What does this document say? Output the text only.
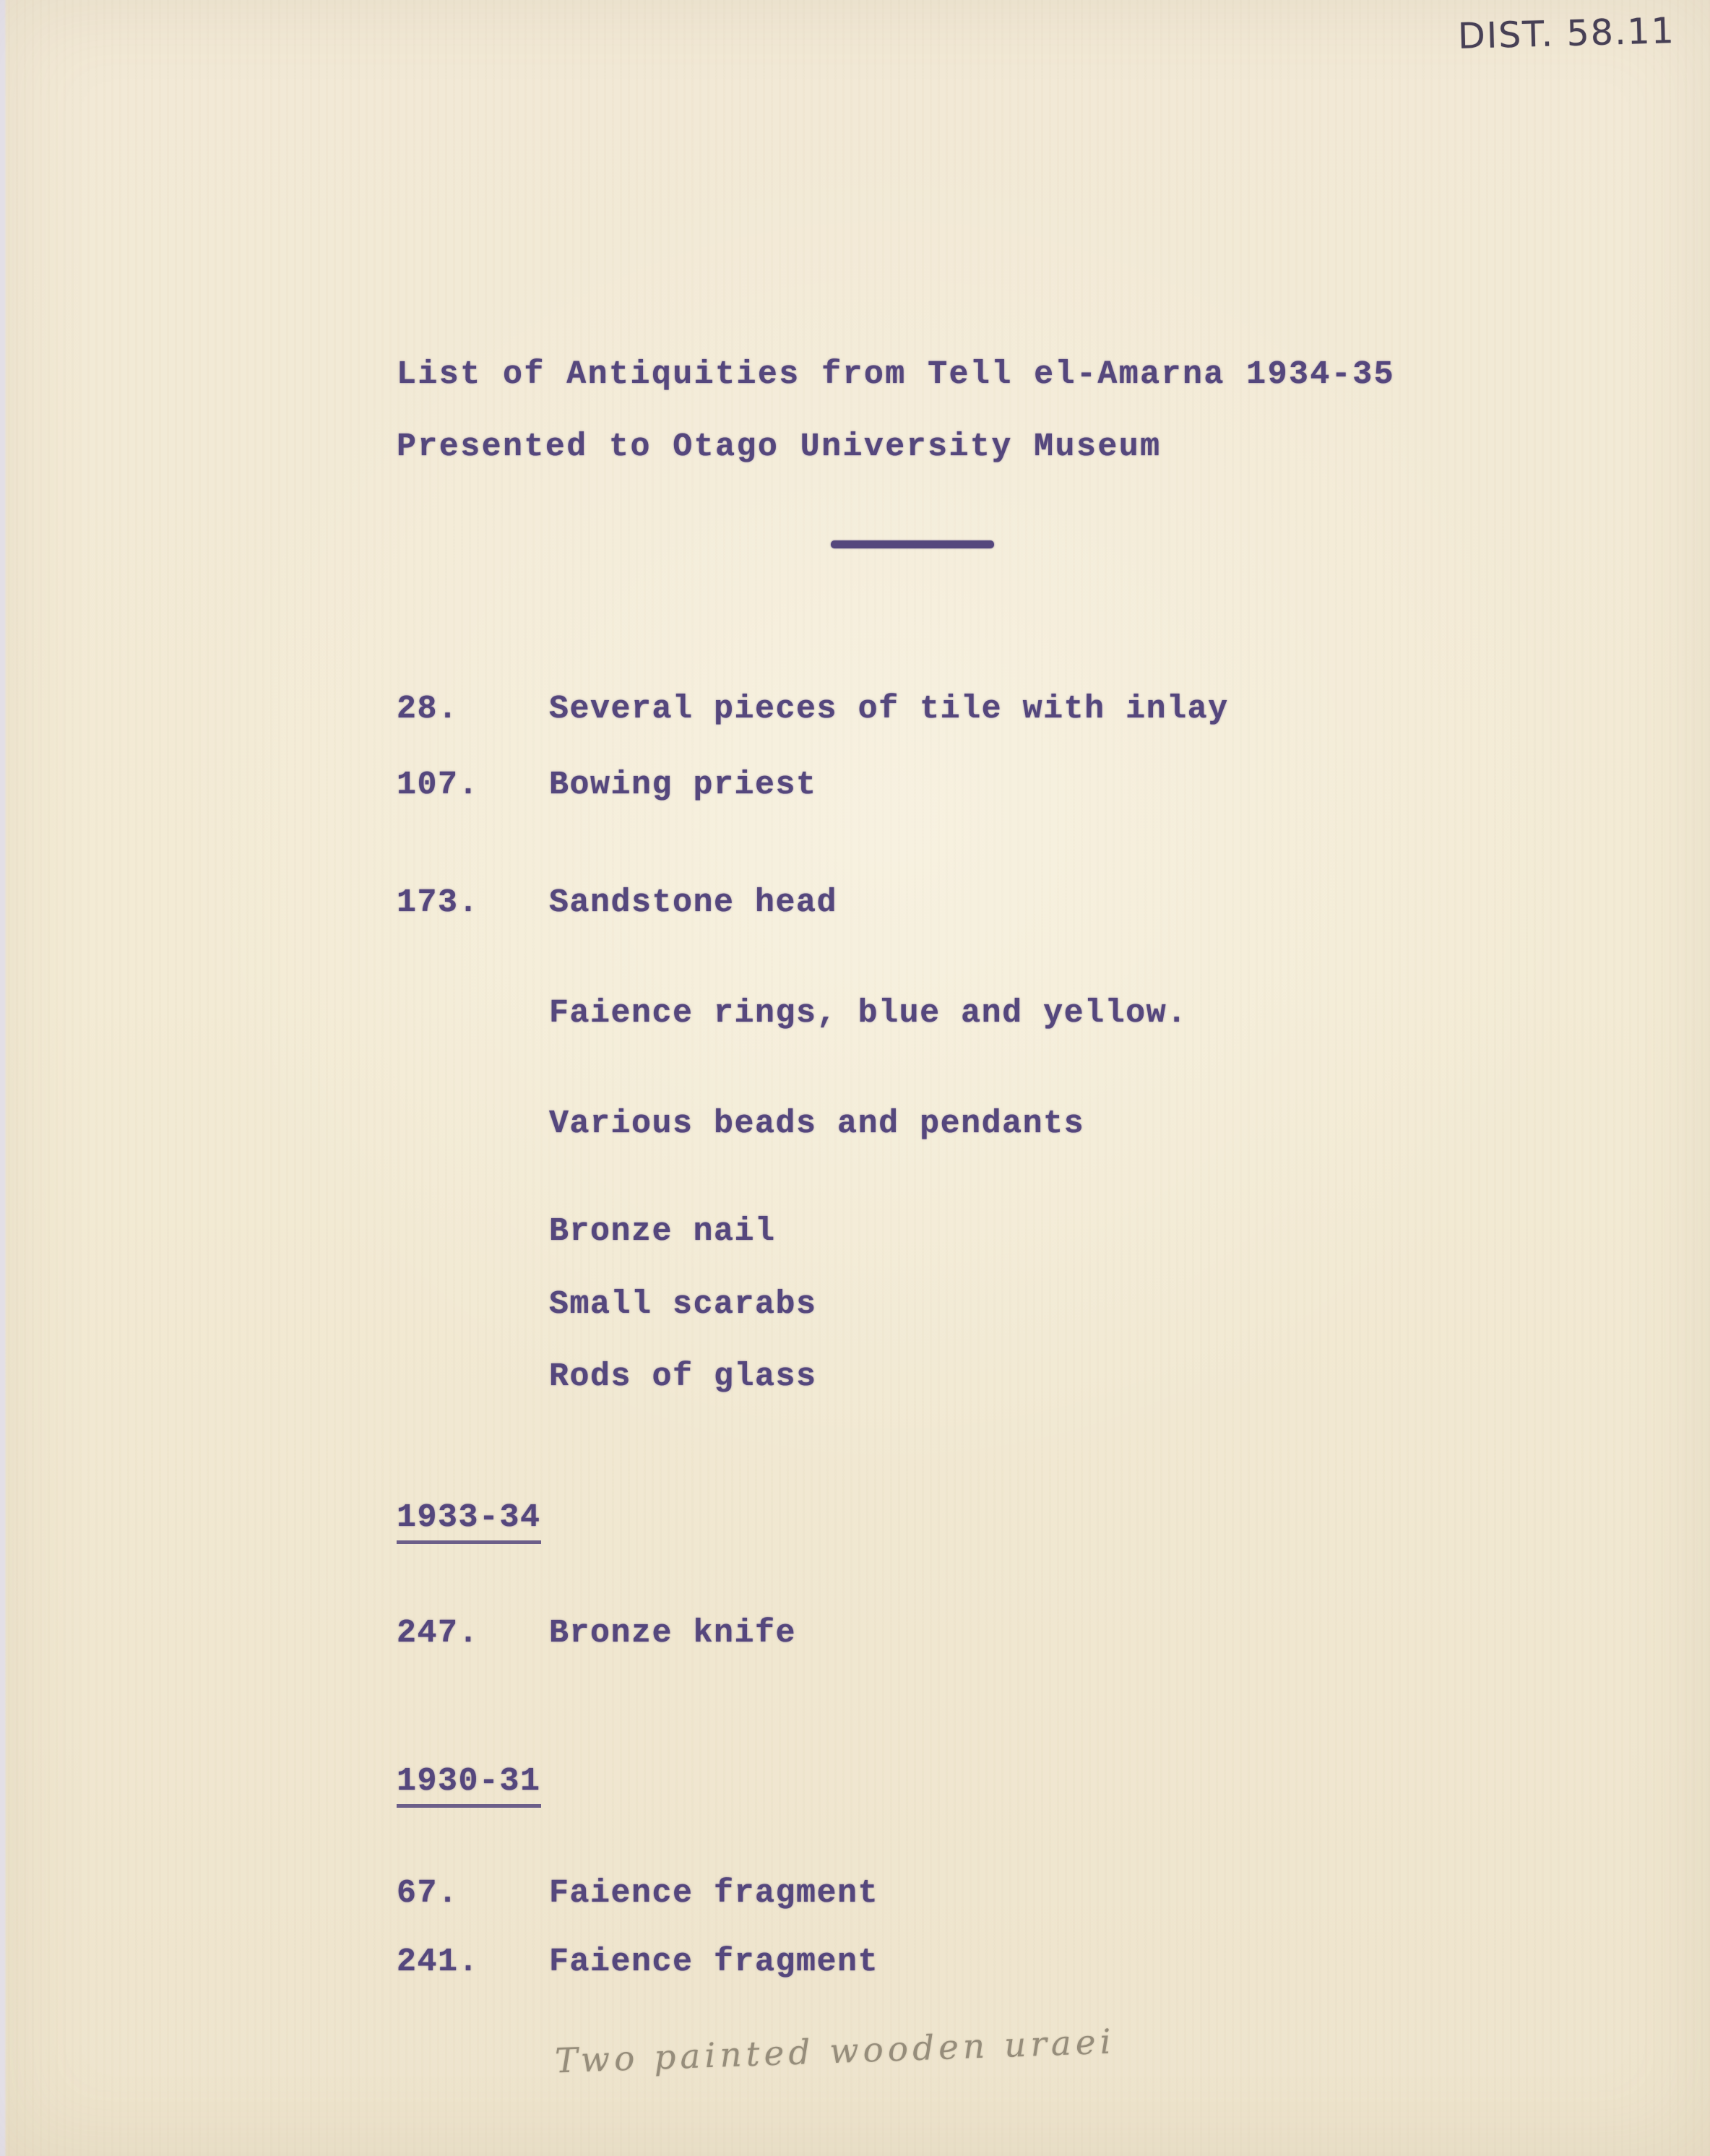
DIST. 58.11
List of Antiquities from Tell el-Amarna 1934-35
Presented to Otago University Museum
28.	Several pieces of tile with inlay
107. Bowing priest
173. Sandstone head
Faience rings, blue and yellow.
Various beads and pendants
Bronze nail
Small scarabs
Rods of glass
1933-34
247. Bronze knife
1930-31
67.	Faience fragment
241. Faience fragment
Two painted wooden uraei
